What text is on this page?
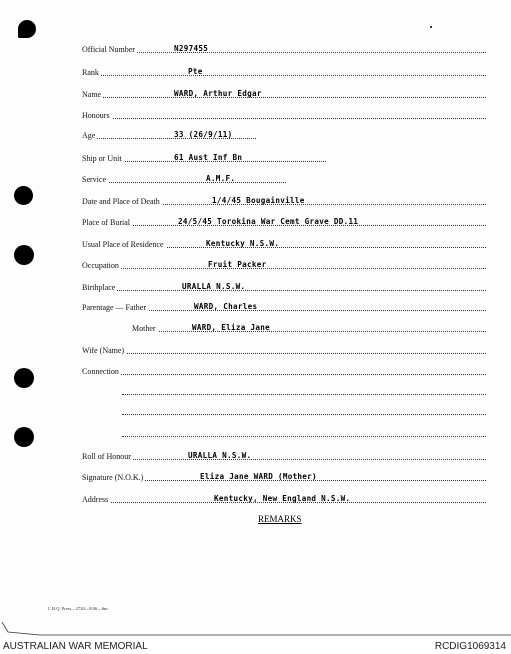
Official Number	N297455
Rank	Pte
Name	WARD, Arthur Edgar
Honours
Age	33 (26/9/11)
Ship or Unit	61 Aust Inf Bn
Service	A.M.F.
Date and Place of Death	1/4/45 Bougainville
Place of Burial	24/5/45 Torokina War Cemt Grave DD.11
Usual Place of Residence	Kentucky N.S.W.
Occupation	Fruit Packer
Birthplace	URALLA N.S.W.
Parentage — Father	WARD, Charles
Mother	WARD, Eliza Jane
Wife (Name)
Connection
Roll of Honour	URALLA N.S.W.
Signature (N.O.K.)	Eliza Jane WARD (Mother)
Address	Kentucky, New England N.S.W.
REMARKS
L.H.Q. Press—2720—8/46—6m.
AUSTRALIAN WAR MEMORIAL	RCDIG1069314
